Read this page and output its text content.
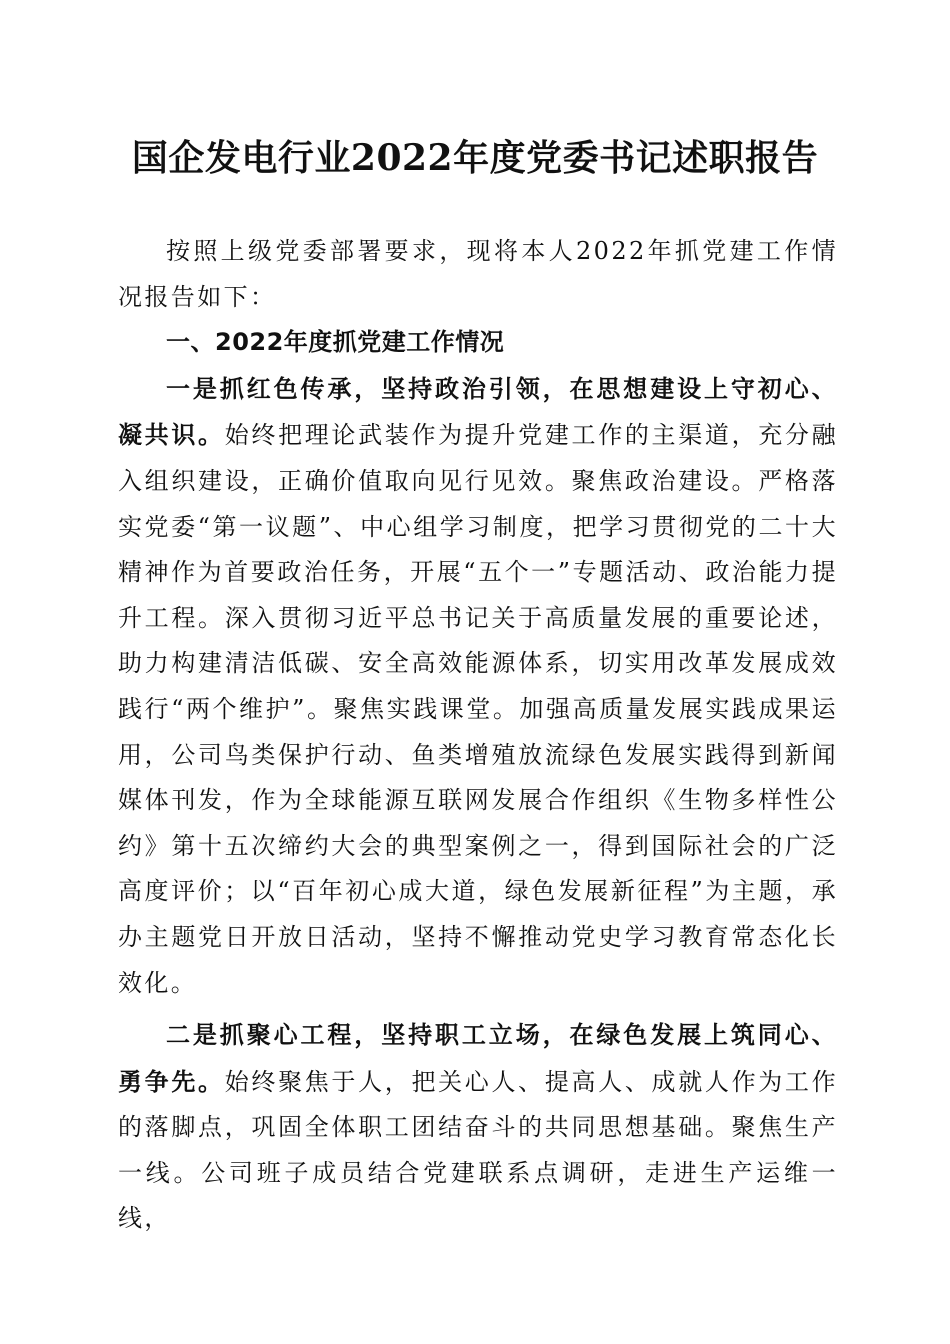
国企发电行业2022年度党委书记述职报告

按照上级党委部署要求，现将本人2022年抓党建工作情况报告如下：

一、2022年度抓党建工作情况

一是抓红色传承，坚持政治引领，在思想建设上守初心、凝共识。始终把理论武装作为提升党建工作的主渠道，充分融入组织建设，正确价值取向见行见效。聚焦政治建设。严格落实党委“第一议题”、中心组学习制度，把学习贯彻党的二十大精神作为首要政治任务，开展“五个一”专题活动、政治能力提升工程。深入贯彻习近平总书记关于高质量发展的重要论述，助力构建清洁低碳、安全高效能源体系，切实用改革发展成效践行“两个维护”。聚焦实践课堂。加强高质量发展实践成果运用，公司鸟类保护行动、鱼类增殖放流绿色发展实践得到新闻媒体刊发，作为全球能源互联网发展合作组织《生物多样性公约》第十五次缔约大会的典型案例之一，得到国际社会的广泛高度评价；以“百年初心成大道，绿色发展新征程”为主题，承办主题党日开放日活动，坚持不懈推动党史学习教育常态化长效化。

二是抓聚心工程，坚持职工立场，在绿色发展上筑同心、勇争先。始终聚焦于人，把关心人、提高人、成就人作为工作的落脚点，巩固全体职工团结奋斗的共同思想基础。聚焦生产一线。公司班子成员结合党建联系点调研，走进生产运维一线，
